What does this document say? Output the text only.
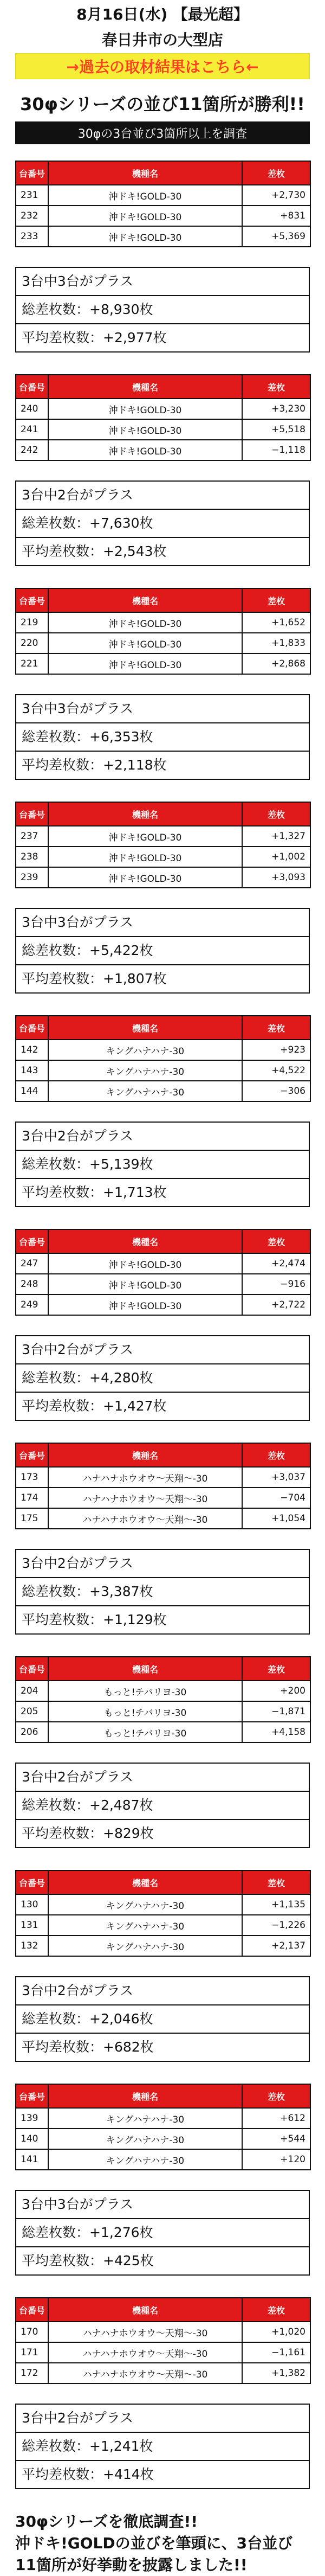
8月16日(水) 【最光超】
春日井市の大型店
→過去の取材結果はこちら←
30φシリーズの並び11箇所が勝利!!
30φの3台並び3箇所以上を調査
台番号	機種名	差枚
231	沖ドキ!GOLD-30	+2,730
232	沖ドキ!GOLD-30	+831
233	沖ドキ!GOLD-30	+5,369
3台中3台がプラス
総差枚数：+8,930枚
平均差枚数：+2,977枚
台番号	機種名	差枚
240	沖ドキ!GOLD-30	+3,230
241	沖ドキ!GOLD-30	+5,518
242	沖ドキ!GOLD-30	−1,118
3台中2台がプラス
総差枚数：+7,630枚
平均差枚数：+2,543枚
台番号	機種名	差枚
219	沖ドキ!GOLD-30	+1,652
220	沖ドキ!GOLD-30	+1,833
221	沖ドキ!GOLD-30	+2,868
3台中3台がプラス
総差枚数：+6,353枚
平均差枚数：+2,118枚
台番号	機種名	差枚
237	沖ドキ!GOLD-30	+1,327
238	沖ドキ!GOLD-30	+1,002
239	沖ドキ!GOLD-30	+3,093
3台中3台がプラス
総差枚数：+5,422枚
平均差枚数：+1,807枚
台番号	機種名	差枚
142	キングハナハナ-30	+923
143	キングハナハナ-30	+4,522
144	キングハナハナ-30	−306
3台中2台がプラス
総差枚数：+5,139枚
平均差枚数：+1,713枚
台番号	機種名	差枚
247	沖ドキ!GOLD-30	+2,474
248	沖ドキ!GOLD-30	−916
249	沖ドキ!GOLD-30	+2,722
3台中2台がプラス
総差枚数：+4,280枚
平均差枚数：+1,427枚
台番号	機種名	差枚
173	ハナハナホウオウ〜天翔〜-30	+3,037
174	ハナハナホウオウ〜天翔〜-30	−704
175	ハナハナホウオウ〜天翔〜-30	+1,054
3台中2台がプラス
総差枚数：+3,387枚
平均差枚数：+1,129枚
台番号	機種名	差枚
204	もっと!チバリヨ-30	+200
205	もっと!チバリヨ-30	−1,871
206	もっと!チバリヨ-30	+4,158
3台中2台がプラス
総差枚数：+2,487枚
平均差枚数：+829枚
台番号	機種名	差枚
130	キングハナハナ-30	+1,135
131	キングハナハナ-30	−1,226
132	キングハナハナ-30	+2,137
3台中2台がプラス
総差枚数：+2,046枚
平均差枚数：+682枚
台番号	機種名	差枚
139	キングハナハナ-30	+612
140	キングハナハナ-30	+544
141	キングハナハナ-30	+120
3台中3台がプラス
総差枚数：+1,276枚
平均差枚数：+425枚
台番号	機種名	差枚
170	ハナハナホウオウ〜天翔〜-30	+1,020
171	ハナハナホウオウ〜天翔〜-30	−1,161
172	ハナハナホウオウ〜天翔〜-30	+1,382
3台中2台がプラス
総差枚数：+1,241枚
平均差枚数：+414枚
30φシリーズを徹底調査!!
沖ドキ!GOLDの並びを筆頭に、3台並び
11箇所が好挙動を披露しました!!
